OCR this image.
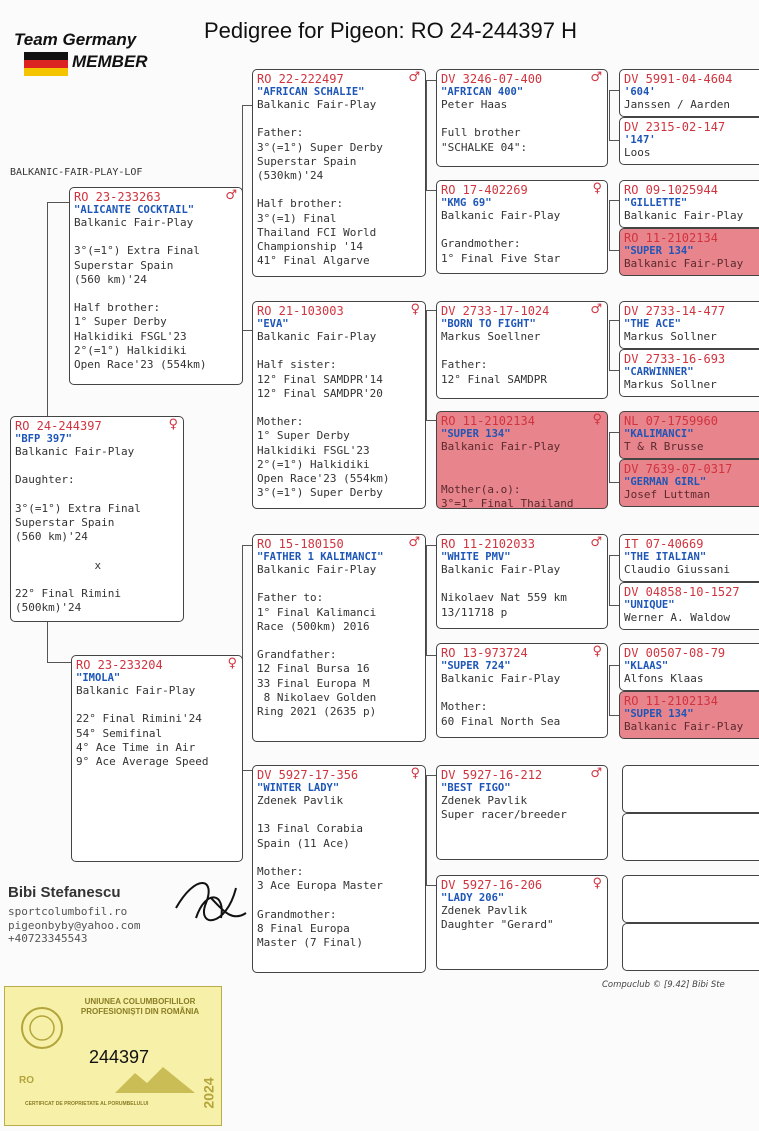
Pedigree for Pigeon: RO 24-244397 H
Team Germany
MEMBER
BALKANIC-FAIR-PLAY-LOF
RO 24-244397	♀
"BFP 397"
Balkanic Fair-Play
Daughter:
3°(=1°) Extra Final
Superstar Spain
(560 km)'24
x
22° Final Rimini
(500km)'24
RO 23-233263	♂
"ALICANTE COCKTAIL"
Balkanic Fair-Play
3°(=1°) Extra Final
Superstar Spain
(560 km)'24
Half brother:
1° Super Derby
Halkidiki FSGL'23
2°(=1°) Halkidiki
Open Race'23 (554km)
RO 23-233204	♀
"IMOLA"
Balkanic Fair-Play
22° Final Rimini'24
54° Semifinal
4° Ace Time in Air
9° Ace Average Speed
RO 22-222497	♂
"AFRICAN SCHALIE"
Balkanic Fair-Play
Father:
3°(=1°) Super Derby
Superstar Spain
(530km)'24
Half brother:
3°(=1) Final
Thailand FCI World
Championship '14
41° Final Algarve
RO 21-103003	♀
"EVA"
Balkanic Fair-Play
Half sister:
12° Final SAMDPR'14
12° Final SAMDPR'20
Mother:
1° Super Derby
Halkidiki FSGL'23
2°(=1°) Halkidiki
Open Race'23 (554km)
3°(=1°) Super Derby
RO 15-180150	♂
"FATHER 1 KALIMANCI"
Balkanic Fair-Play
Father to:
1° Final Kalimanci
Race (500km) 2016
Grandfather:
12 Final Bursa 16
33 Final Europa M
8 Nikolaev Golden
Ring 2021 (2635 p)
DV 5927-17-356	♀
"WINTER LADY"
Zdenek Pavlik
13 Final Corabia
Spain (11 Ace)
Mother:
3 Ace Europa Master
Grandmother:
8 Final Europa
Master (7 Final)
DV 3246-07-400	♂
"AFRICAN 400"
Peter Haas
Full brother
"SCHALKE 04":
RO 17-402269	♀
"KMG 69"
Balkanic Fair-Play
Grandmother:
1° Final Five Star
DV 2733-17-1024	♂
"BORN TO FIGHT"
Markus Soellner
Father:
12° Final SAMDPR
RO 11-2102134	♀
"SUPER 134"
Balkanic Fair-Play
Mother(a.o):
3°=1° Final Thailand
RO 11-2102033	♂
"WHITE PMV"
Balkanic Fair-Play
Nikolaev Nat 559 km
13/11718 p
RO 13-973724	♀
"SUPER 724"
Balkanic Fair-Play
Mother:
60 Final North Sea
DV 5927-16-212	♂
"BEST FIGO"
Zdenek Pavlik
Super racer/breeder
DV 5927-16-206	♀
"LADY 206"
Zdenek Pavlik
Daughter "Gerard"
DV 5991-04-4604
'604'
Janssen / Aarden
DV 2315-02-147
'147'
Loos
RO 09-1025944
"GILLETTE"
Balkanic Fair-Play
RO 11-2102134
"SUPER 134"
Balkanic Fair-Play
DV 2733-14-477
"THE ACE"
Markus Sollner
DV 2733-16-693
"CARWINNER"
Markus Sollner
NL 07-1759960
"KALIMANCI"
T & R Brusse
DV 7639-07-0317
"GERMAN GIRL"
Josef Luttman
IT 07-40669
"THE ITALIAN"
Claudio Giussani
DV 04858-10-1527
"UNIQUE"
Werner A. Waldow
DV 00507-08-79
"KLAAS"
Alfons Klaas
RO 11-2102134
"SUPER 134"
Balkanic Fair-Play
Bibi Stefanescu
sportcolumbofil.ro
pigeonbyby@yahoo.com
+40723345543
Compuclub © [9.42] Bibi Ste
UNIUNEA COLUMBOFILILOR PROFESIONIȘTI DIN ROMÂNIA
244397
RO	2024
CERTIFICAT DE PROPRIETATE AL PORUMBELULUI
